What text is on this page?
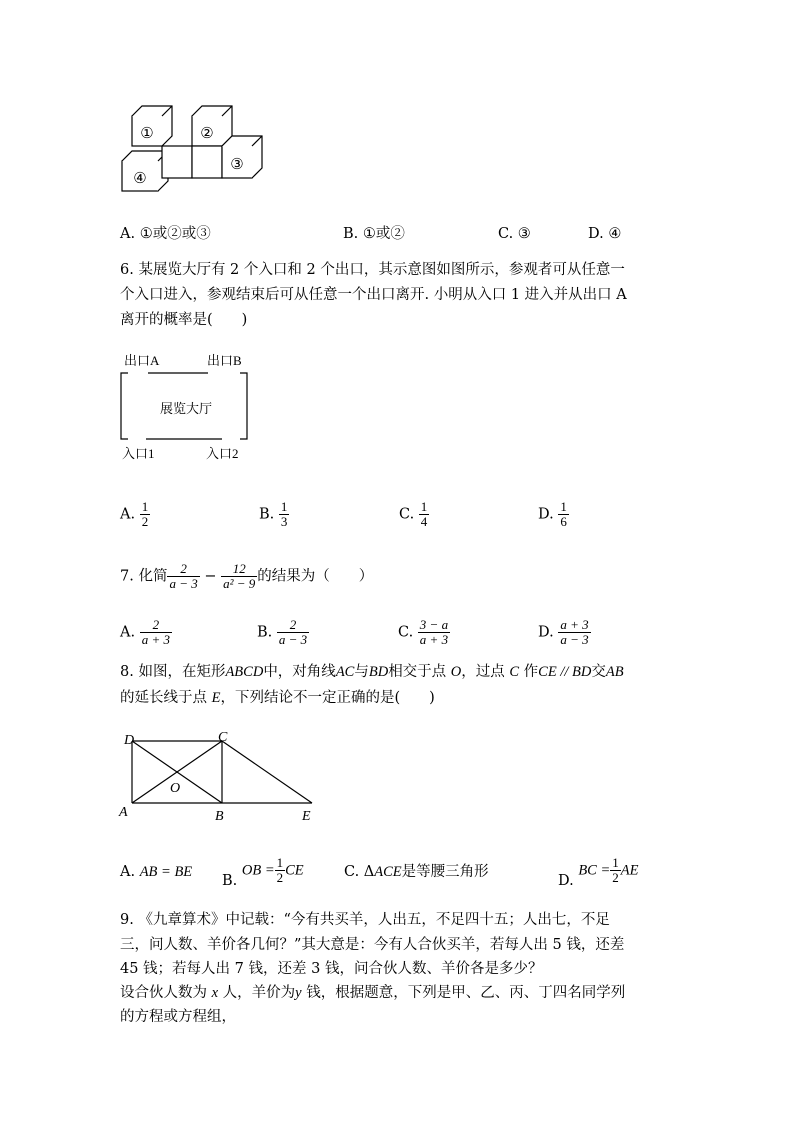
①	②
③
④
A. ①或②或③	B. ①或②	C. ③	D. ④
6. 某展览大厅有 2 个入口和 2 个出口，其示意图如图所示，参观者可从任意一
个入口进入，参观结束后可从任意一个出口离开. 小明从入口 1 进入并从出口 A
离开的概率是(　　)
出口A	出口B
展览大厅
入口1	入口2
A. $\frac{1}{2}$	B. $\frac{1}{3}$	C. $\frac{1}{4}$	D. $\frac{1}{6}$
7. 化简 $\frac{2}{a - 3} - \frac{12}{\text{a² − 9}}$ 的结果为（　　）
A. $\frac{2}{a + 3}$	B. $\frac{2}{a - 3}$	C. $\frac{3 - a}{a + 3}$	D. $\frac{a + 3}{a - 3}$
8. 如图，在矩形ABCD中，对角线AC与BD相交于点 O，过点 C 作CE // BD交AB
的延长线于点 E，下列结论不一定正确的是(　　)
D	C
O
A	B	E
A. AB = BE
B. OB = $\frac{1}{2}$ CE	C. ΔACE是等腰三角形
D. BC = $\frac{1}{2}$ AE
9. 《九章算术》中记载：“今有共买羊，人出五，不足四十五；人出七，不足
三，问人数、羊价各几何？”其大意是：今有人合伙买羊，若每人出 5 钱，还差
45 钱；若每人出 7 钱，还差 3 钱，问合伙人数、羊价各是多少？
设合伙人数为 x 人，羊价为y 钱，根据题意，下列是甲、乙、丙、丁四名同学列
的方程或方程组，
